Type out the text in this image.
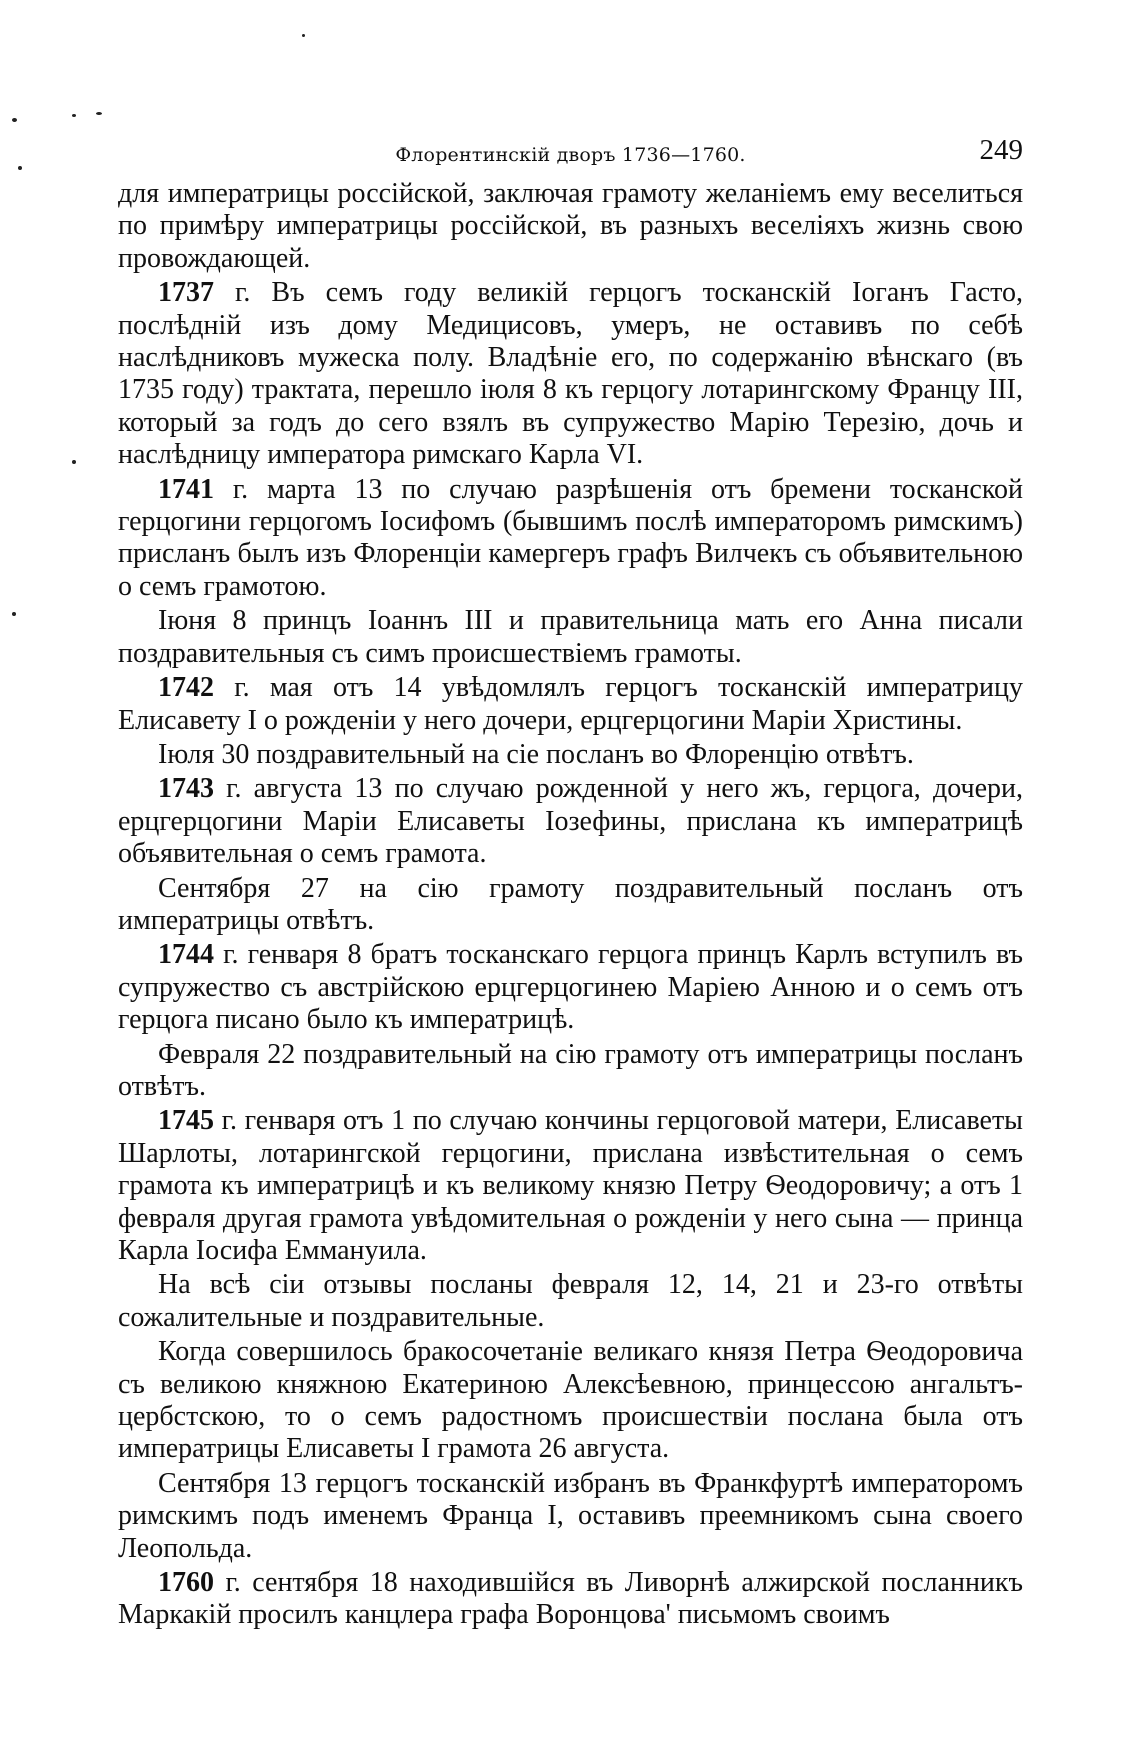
Флорентинскій дворъ 1736—1760.	249

для императрицы россійской, заключая грамоту желаніемъ ему веселиться по примѣру императрицы россійской, въ разныхъ веселіяхъ жизнь свою провождающей.

1737 г. Въ семъ году великій герцогъ тосканскій Іоганъ Гасто, послѣдній изъ дому Медицисовъ, умеръ, не оставивъ по себѣ наслѣдниковъ мужеска полу. Владѣніе его, по содержанію вѣнскаго (въ 1735 году) трактата, перешло іюля 8 къ герцогу лотарингскому Францу III, который за годъ до сего взялъ въ супружество Марію Терезію, дочь и наслѣдницу императора римскаго Карла VI.

1741 г. марта 13 по случаю разрѣшенія отъ бремени тосканской герцогини герцогомъ Іосифомъ (бывшимъ послѣ императоромъ римскимъ) присланъ былъ изъ Флоренціи камергеръ графъ Вилчекъ съ объявительною о семъ грамотою.

Іюня 8 принцъ Іоаннъ III и правительница мать его Анна писали поздравительныя съ симъ происшествіемъ грамоты.

1742 г. мая отъ 14 увѣдомлялъ герцогъ тосканскій императрицу Елисавету I о рожденіи у него дочери, ерцгерцогини Маріи Христины.

Іюля 30 поздравительный на сіе посланъ во Флоренцію отвѣтъ.

1743 г. августа 13 по случаю рожденной у него жъ, герцога, дочери, ерцгерцогини Маріи Елисаветы Іозефины, прислана къ императрицѣ объявительная о семъ грамота.

Сентября 27 на сію грамоту поздравительный посланъ отъ императрицы отвѣтъ.

1744 г. генваря 8 братъ тосканскаго герцога принцъ Карлъ вступилъ въ супружество съ австрійскою ерцгерцогинею Маріею Анною и о семъ отъ герцога писано было къ императрицѣ.

Февраля 22 поздравительный на сію грамоту отъ императрицы посланъ отвѣтъ.

1745 г. генваря отъ 1 по случаю кончины герцоговой матери, Елисаветы Шарлоты, лотарингской герцогини, прислана извѣстительная о семъ грамота къ императрицѣ и къ великому князю Петру Ѳеодоровичу; а отъ 1 февраля другая грамота увѣдомительная о рожденіи у него сына — принца Карла Іосифа Еммануила.

На всѣ сіи отзывы посланы февраля 12, 14, 21 и 23-го отвѣты сожалительные и поздравительные.

Когда совершилось бракосочетаніе великаго князя Петра Ѳеодоровича съ великою княжною Екатериною Алексѣевною, принцессою ангальтъ-цербстскою, то о семъ радостномъ происшествіи послана была отъ императрицы Елисаветы I грамота 26 августа.

Сентября 13 герцогъ тосканскій избранъ въ Франкфуртѣ императоромъ римскимъ подъ именемъ Франца I, оставивъ преемникомъ сына своего Леопольда.

1760 г. сентября 18 находившійся въ Ливорнѣ алжирской посланникъ Маркакій просилъ канцлера графа Воронцова' письмомъ своимъ
